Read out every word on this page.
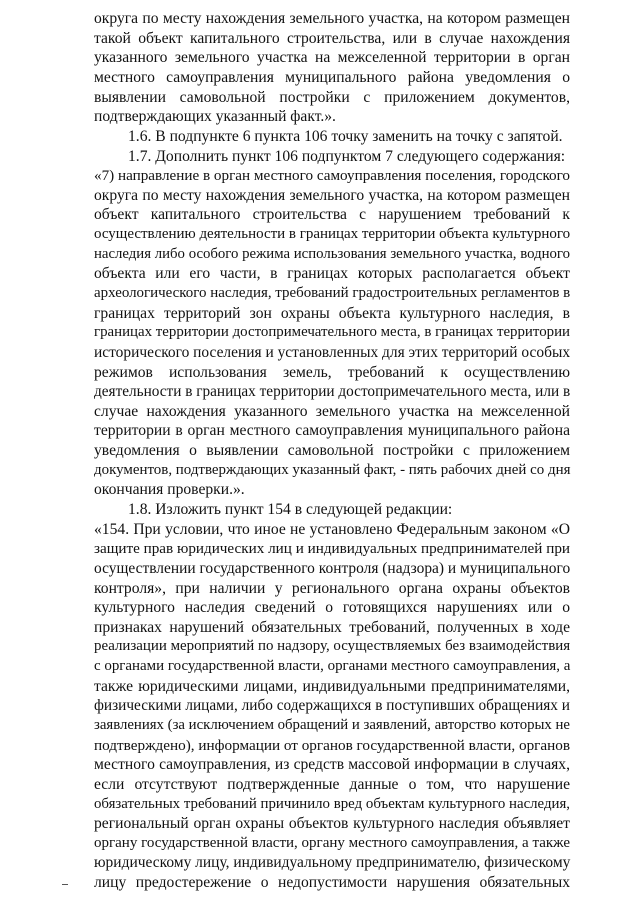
округа по месту нахождения земельного участка, на котором размещен
такой объект капитального строительства, или в случае нахождения
указанного земельного участка на межселенной территории в орган
местного самоуправления муниципального района уведомления о
выявлении самовольной постройки с приложением документов,
подтверждающих указанный факт.».
1.6. В подпункте 6 пункта 106 точку заменить на точку с запятой.
1.7. Дополнить пункт 106 подпунктом 7 следующего содержания:
«7) направление в орган местного самоуправления поселения, городского
округа по месту нахождения земельного участка, на котором размещен
объект капитального строительства с нарушением требований к
осуществлению деятельности в границах территории объекта культурного
наследия либо особого режима использования земельного участка, водного
объекта или его части, в границах которых располагается объект
археологического наследия, требований градостроительных регламентов в
границах территорий зон охраны объекта культурного наследия, в
границах территории достопримечательного места, в границах территории
исторического поселения и установленных для этих территорий особых
режимов использования земель, требований к осуществлению
деятельности в границах территории достопримечательного места, или в
случае нахождения указанного земельного участка на межселенной
территории в орган местного самоуправления муниципального района
уведомления о выявлении самовольной постройки с приложением
документов, подтверждающих указанный факт, - пять рабочих дней со дня
окончания проверки.».
1.8. Изложить пункт 154 в следующей редакции:
«154. При условии, что иное не установлено Федеральным законом «О
защите прав юридических лиц и индивидуальных предпринимателей при
осуществлении государственного контроля (надзора) и муниципального
контроля», при наличии у регионального органа охраны объектов
культурного наследия сведений о готовящихся нарушениях или о
признаках нарушений обязательных требований, полученных в ходе
реализации мероприятий по надзору, осуществляемых без взаимодействия
с органами государственной власти, органами местного самоуправления, а
также юридическими лицами, индивидуальными предпринимателями,
физическими лицами, либо содержащихся в поступивших обращениях и
заявлениях (за исключением обращений и заявлений, авторство которых не
подтверждено), информации от органов государственной власти, органов
местного самоуправления, из средств массовой информации в случаях,
если отсутствуют подтвержденные данные о том, что нарушение
обязательных требований причинило вред объектам культурного наследия,
региональный орган охраны объектов культурного наследия объявляет
органу государственной власти, органу местного самоуправления, а также
юридическому лицу, индивидуальному предпринимателю, физическому
лицу предостережение о недопустимости нарушения обязательных
